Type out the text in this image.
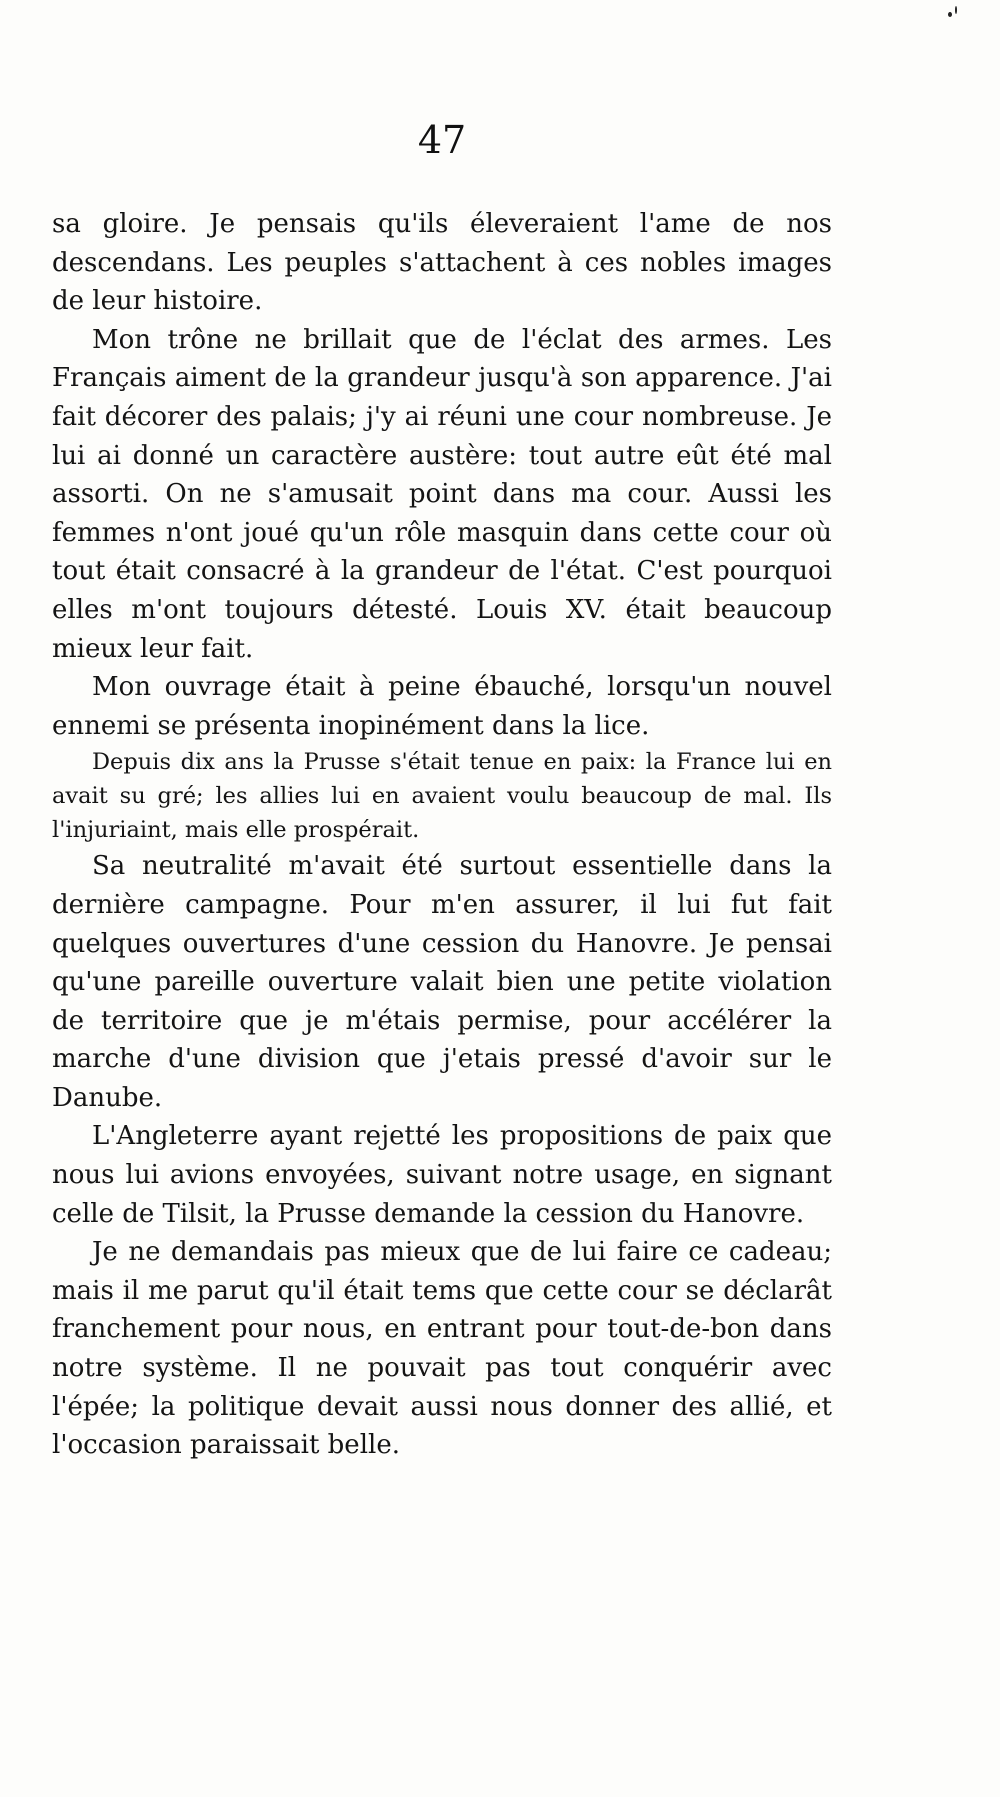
47

sa gloire. Je pensais qu'ils éleveraient l'ame de nos descendans. Les peuples s'attachent à ces nobles images de leur histoire.

Mon trône ne brillait que de l'éclat des armes. Les Français aiment de la grandeur jusqu'à son apparence. J'ai fait décorer des palais; j'y ai réuni une cour nombreuse. Je lui ai donné un caractère austère: tout autre eût été mal assorti. On ne s'amusait point dans ma cour. Aussi les femmes n'ont joué qu'un rôle masquin dans cette cour où tout était consacré à la grandeur de l'état. C'est pourquoi elles m'ont toujours détesté. Louis XV. était beaucoup mieux leur fait.

Mon ouvrage était à peine ébauché, lorsqu'un nouvel ennemi se présenta inopinément dans la lice.

Depuis dix ans la Prusse s'était tenue en paix: la France lui en avait su gré; les allies lui en avaient voulu beaucoup de mal. Ils l'injuriaint, mais elle prospérait.

Sa neutralité m'avait été surtout essentielle dans la dernière campagne. Pour m'en assurer, il lui fut fait quelques ouvertures d'une cession du Hanovre. Je pensai qu'une pareille ouverture valait bien une petite violation de territoire que je m'étais permise, pour accélérer la marche d'une division que j'etais pressé d'avoir sur le Danube.

L'Angleterre ayant rejetté les propositions de paix que nous lui avions envoyées, suivant notre usage, en signant celle de Tilsit, la Prusse demande la cession du Hanovre.

Je ne demandais pas mieux que de lui faire ce cadeau; mais il me parut qu'il était tems que cette cour se déclarât franchement pour nous, en entrant pour tout-de-bon dans notre système. Il ne pouvait pas tout conquérir avec l'épée; la politique devait aussi nous donner des allié, et l'occasion paraissait belle.
